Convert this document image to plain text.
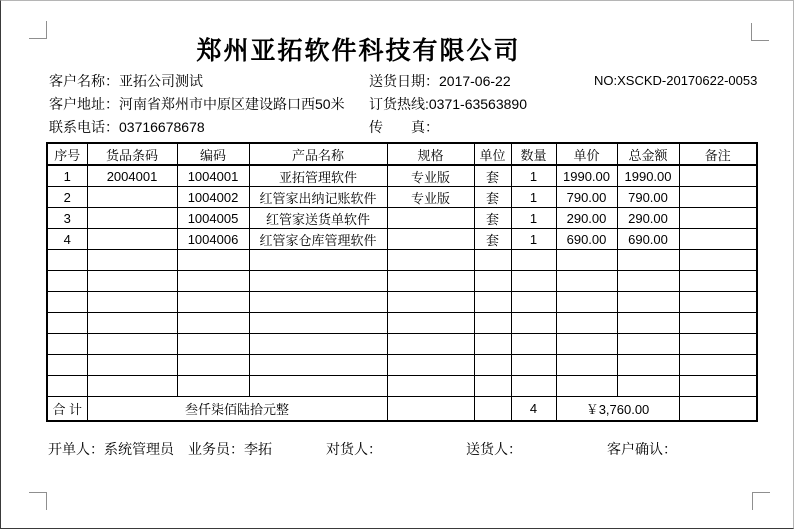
郑州亚拓软件科技有限公司
客户名称：亚拓公司测试	送货日期：2017-06-22	NO:XSCKD-20170622-0053
客户地址：河南省郑州市中原区建设路口西50米 订货热线:0371-63563890
联系电话：03716678678	传　　真：
序号	货品条码	编码	产品名称	规格	单位	数量	单价	总金额	备注
1	2004001	1004001	亚拓管理软件	专业版	套	1	1990.00	1990.00	
2		1004002	红管家出纳记账软件	专业版	套	1	790.00	790.00	
3		1004005	红管家送货单软件		套	1	290.00	290.00	
4		1004006	红管家仓库管理软件		套	1	690.00	690.00	

合 计	叁仟柒佰陆拾元整					4	￥3,760.00		
开单人：系统管理员 业务员：李拓	对货人：	送货人：	客户确认：
